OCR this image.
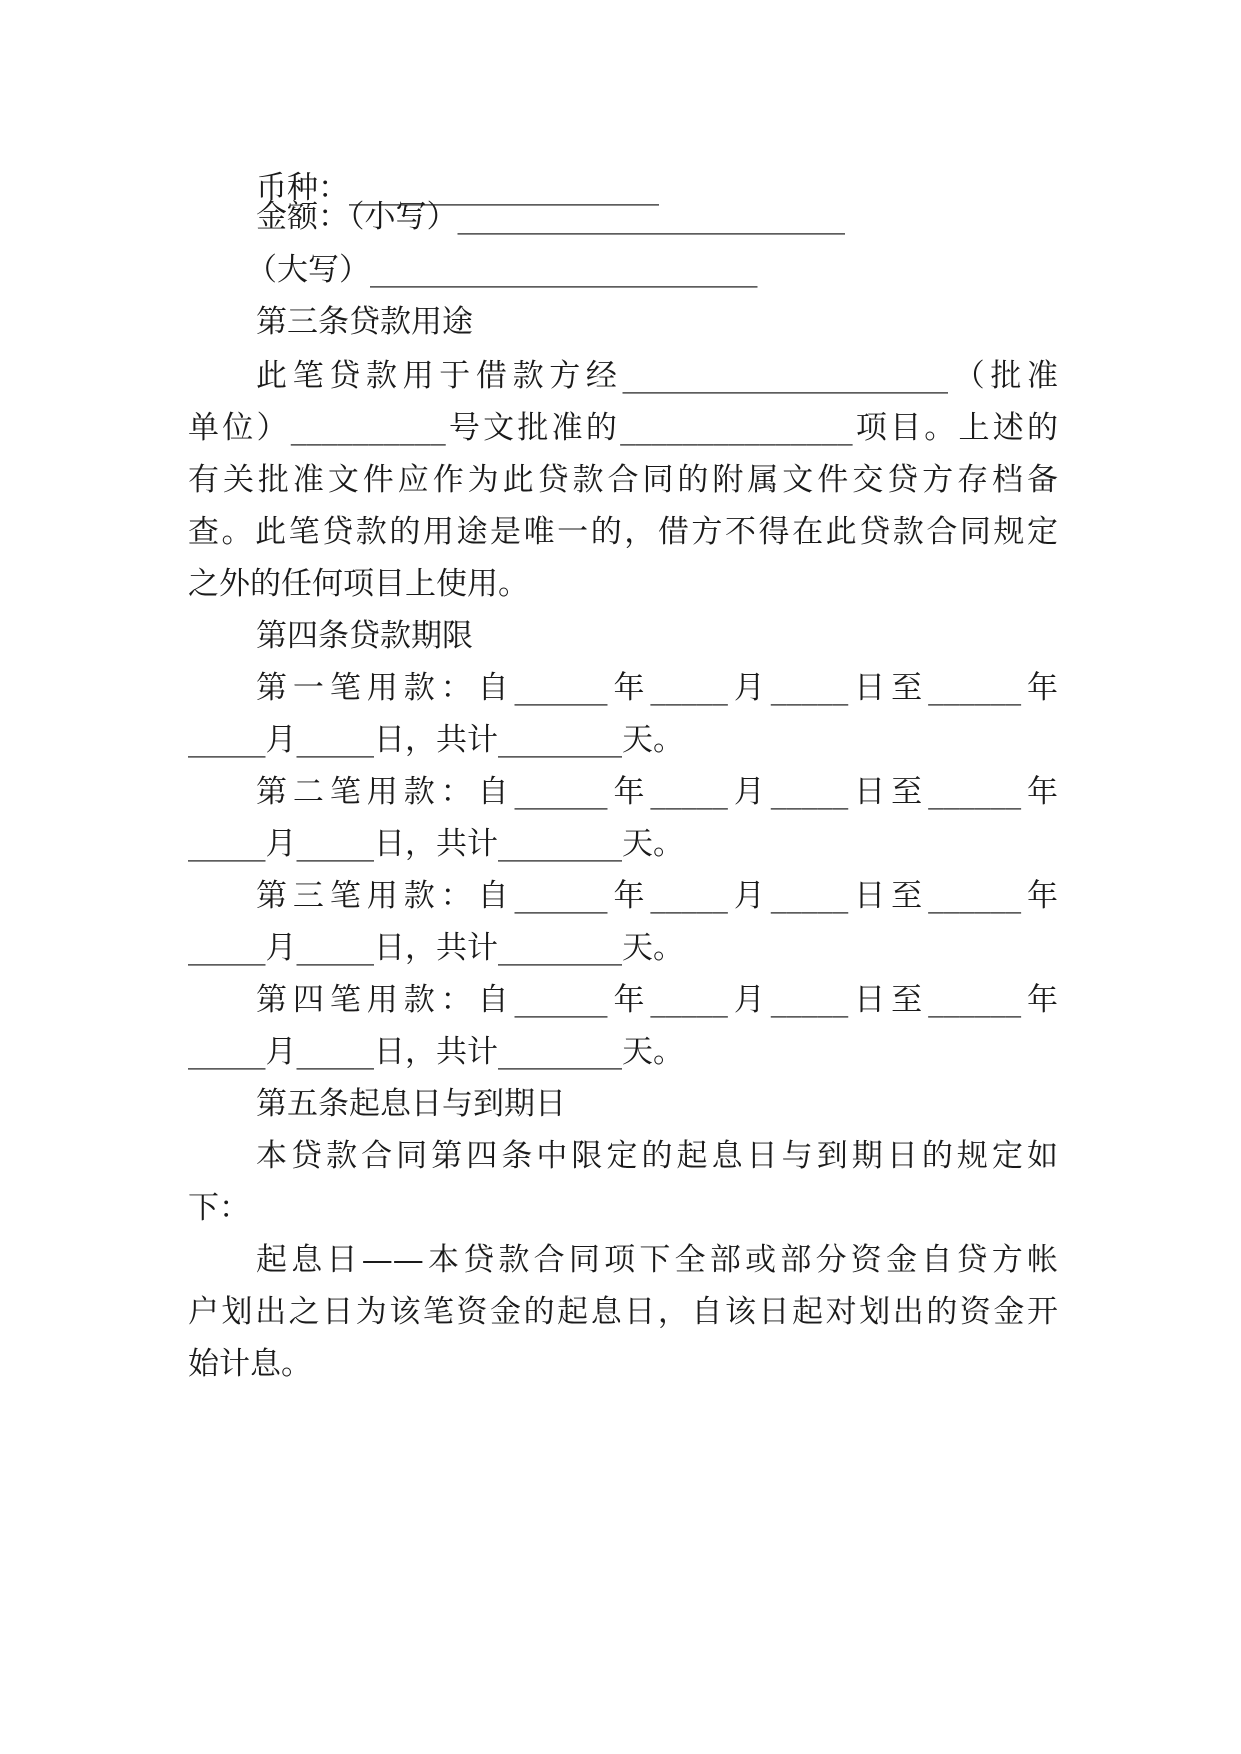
币种：____________________
金额：（小写）_________________________
（大写）_________________________
第三条贷款用途
此笔贷款用于借款方经_____________________（批准
单位）__________号文批准的_______________项目。上述的
有关批准文件应作为此贷款合同的附属文件交贷方存档备
查。此笔贷款的用途是唯一的，借方不得在此贷款合同规定
之外的任何项目上使用。
第四条贷款期限
第一笔用款：自______年_____月_____日至______年
_____月_____日，共计________天。
第二笔用款：自______年_____月_____日至______年
_____月_____日，共计________天。
第三笔用款：自______年_____月_____日至______年
_____月_____日，共计________天。
第四笔用款：自______年_____月_____日至______年
_____月_____日，共计________天。
第五条起息日与到期日
本贷款合同第四条中限定的起息日与到期日的规定如
下：
起息日——本贷款合同项下全部或部分资金自贷方帐
户划出之日为该笔资金的起息日，自该日起对划出的资金开
始计息。
